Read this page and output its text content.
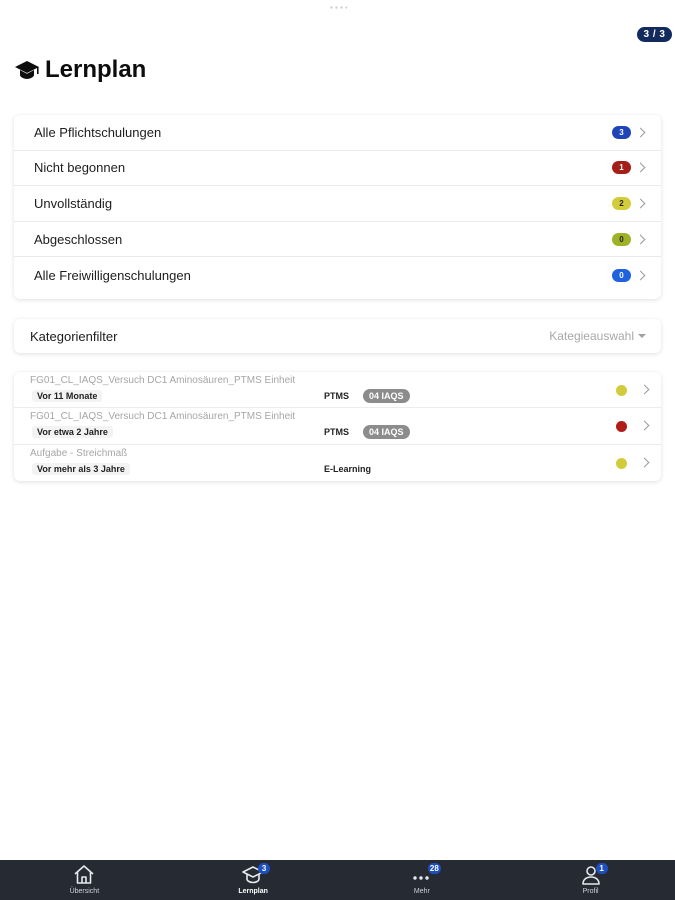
3 / 3
Lernplan
Alle Pflichtschulungen	3
Nicht begonnen	1
Unvollständig	2
Abgeschlossen	0
Alle Freiwilligenschulungen	0
Kategorienfilter	Kategieauswahl
FG01_CL_IAQS_Versuch DC1 Aminosäuren_PTMS Einheit
Vor 11 Monate	PTMS	04 IAQS
FG01_CL_IAQS_Versuch DC1 Aminosäuren_PTMS Einheit
Vor etwa 2 Jahre	PTMS	04 IAQS
Aufgabe - Streichmaß
Vor mehr als 3 Jahre	E-Learning
Übersicht
3
Lernplan
28
Mehr
1
Profil
